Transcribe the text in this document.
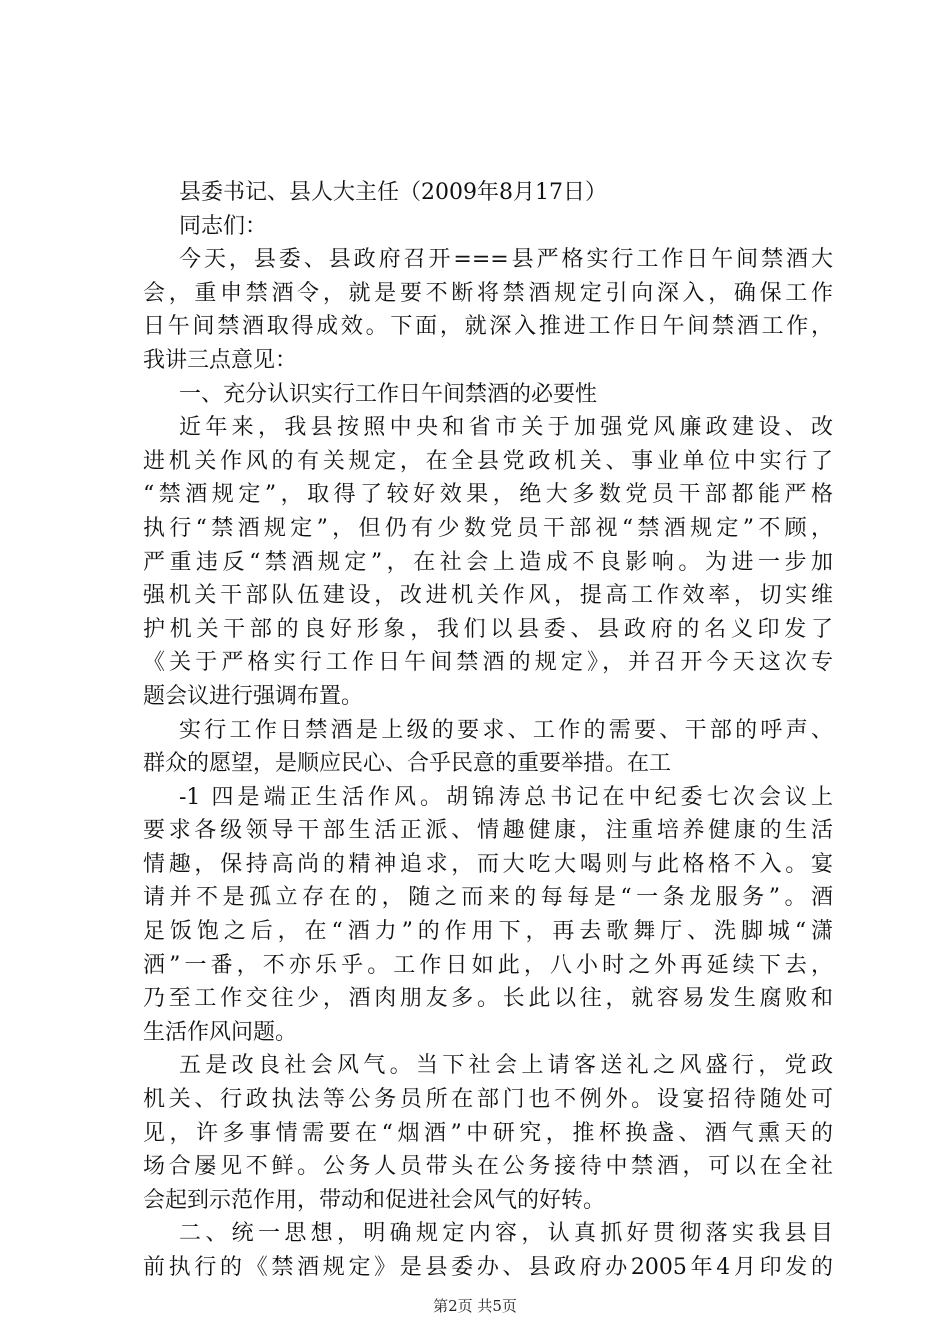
县委书记、县人大主任（2009年8月17日）
同志们：
今天，县委、县政府召开===县严格实行工作日午间禁酒大
会，重申禁酒令，就是要不断将禁酒规定引向深入，确保工作
日午间禁酒取得成效。下面，就深入推进工作日午间禁酒工作，
我讲三点意见：
一、充分认识实行工作日午间禁酒的必要性
近年来，我县按照中央和省市关于加强党风廉政建设、改
进机关作风的有关规定，在全县党政机关、事业单位中实行了
“禁酒规定”，取得了较好效果，绝大多数党员干部都能严格
执行“禁酒规定”，但仍有少数党员干部视“禁酒规定”不顾，
严重违反“禁酒规定”，在社会上造成不良影响。为进一步加
强机关干部队伍建设，改进机关作风，提高工作效率，切实维
护机关干部的良好形象，我们以县委、县政府的名义印发了
《关于严格实行工作日午间禁酒的规定》，并召开今天这次专
题会议进行强调布置。
实行工作日禁酒是上级的要求、工作的需要、干部的呼声、
群众的愿望，是顺应民心、合乎民意的重要举措。在工
-1 四是端正生活作风。胡锦涛总书记在中纪委七次会议上
要求各级领导干部生活正派、情趣健康，注重培养健康的生活
情趣，保持高尚的精神追求，而大吃大喝则与此格格不入。宴
请并不是孤立存在的，随之而来的每每是“一条龙服务”。酒
足饭饱之后，在“酒力”的作用下，再去歌舞厅、洗脚城“潇
洒”一番，不亦乐乎。工作日如此，八小时之外再延续下去，
乃至工作交往少，酒肉朋友多。长此以往，就容易发生腐败和
生活作风问题。
五是改良社会风气。当下社会上请客送礼之风盛行，党政
机关、行政执法等公务员所在部门也不例外。设宴招待随处可
见，许多事情需要在“烟酒”中研究，推杯换盏、酒气熏天的
场合屡见不鲜。公务人员带头在公务接待中禁酒，可以在全社
会起到示范作用，带动和促进社会风气的好转。
二、统一思想，明确规定内容，认真抓好贯彻落实我县目
前执行的《禁酒规定》是县委办、县政府办2005年4月印发的
第2页 共5页
